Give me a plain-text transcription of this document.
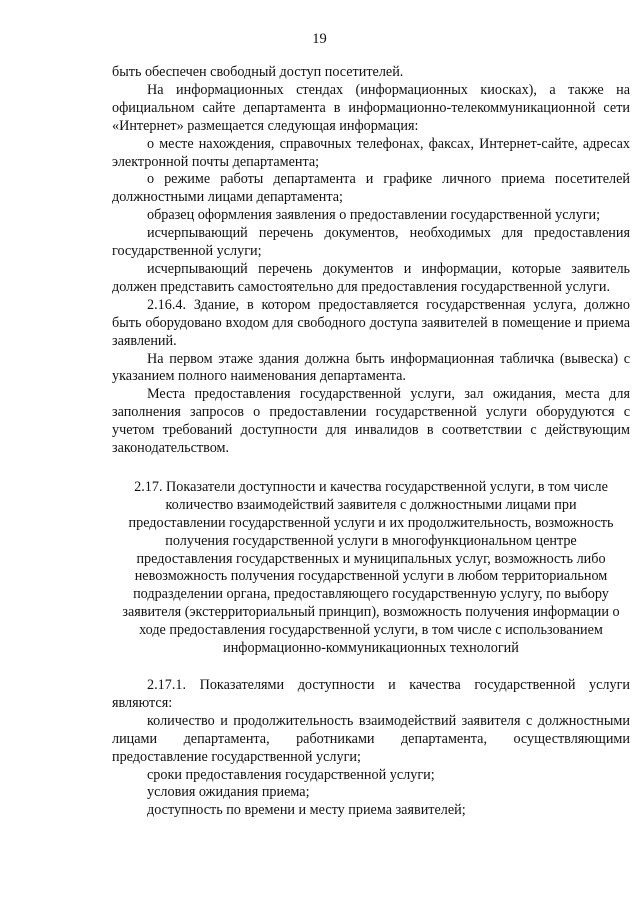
19

быть обеспечен свободный доступ посетителей.

На информационных стендах (информационных киосках), а также на официальном сайте департамента в информационно-телекоммуникационной сети «Интернет» размещается следующая информация:

о месте нахождения, справочных телефонах, факсах, Интернет-сайте, адресах электронной почты департамента;

о режиме работы департамента и графике личного приема посетителей должностными лицами департамента;

образец оформления заявления о предоставлении государственной услуги;

исчерпывающий перечень документов, необходимых для предоставления государственной услуги;

исчерпывающий перечень документов и информации, которые заявитель должен представить самостоятельно для предоставления государственной услуги.

2.16.4. Здание, в котором предоставляется государственная услуга, должно быть оборудовано входом для свободного доступа заявителей в помещение и приема заявлений.

На первом этаже здания должна быть информационная табличка (вывеска) с указанием полного наименования департамента.

Места предоставления государственной услуги, зал ожидания, места для заполнения запросов о предоставлении государственной услуги оборудуются с учетом требований доступности для инвалидов в соответствии с действующим законодательством.

2.17. Показатели доступности и качества государственной услуги, в том числе количество взаимодействий заявителя с должностными лицами при предоставлении государственной услуги и их продолжительность, возможность получения государственной услуги в многофункциональном центре предоставления государственных и муниципальных услуг, возможность либо невозможность получения государственной услуги в любом территориальном подразделении органа, предоставляющего государственную услугу, по выбору заявителя (экстерриториальный принцип), возможность получения информации о ходе предоставления государственной услуги, в том числе с использованием информационно-коммуникационных технологий

2.17.1. Показателями доступности и качества государственной услуги являются:

количество и продолжительность взаимодействий заявителя с должностными лицами департамента, работниками департамента, осуществляющими предоставление государственной услуги;

сроки предоставления государственной услуги;

условия ожидания приема;

доступность по времени и месту приема заявителей;
